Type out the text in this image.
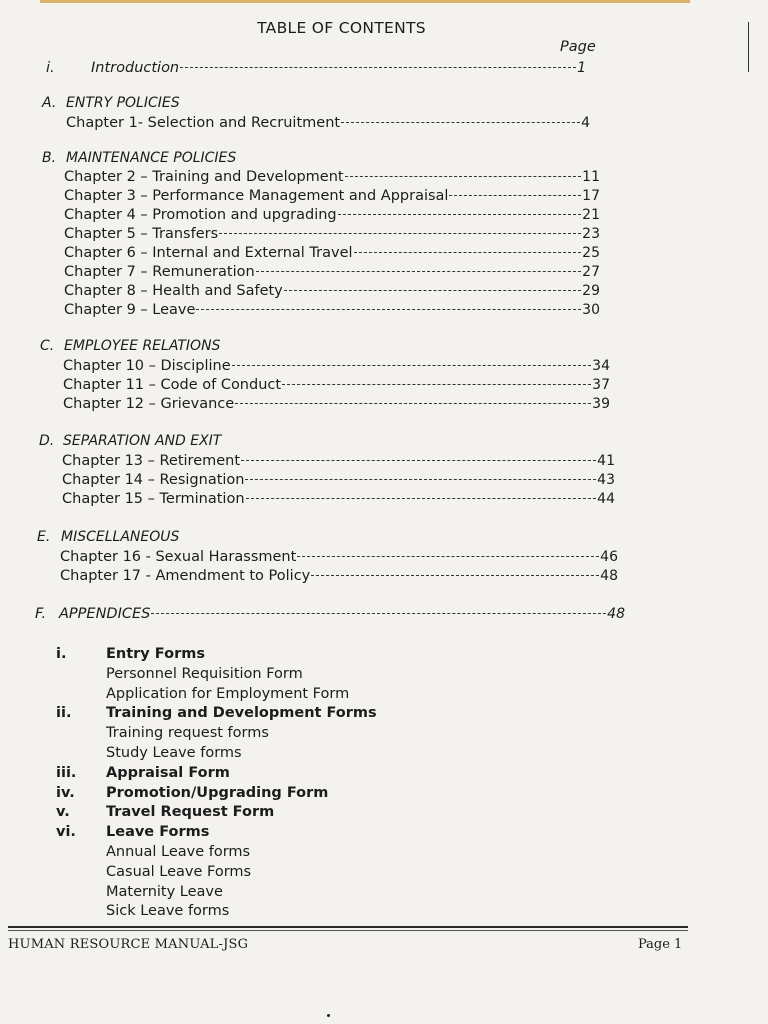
TABLE OF CONTENTS
Page
i.	Introduction	1
A. ENTRY POLICIES
Chapter 1- Selection and Recruitment	4
B. MAINTENANCE POLICIES
Chapter 2 – Training and Development	11
Chapter 3 – Performance Management and Appraisal	17
Chapter 4 – Promotion and upgrading	21
Chapter 5 – Transfers	23
Chapter 6 – Internal and External Travel	25
Chapter 7 – Remuneration	27
Chapter 8 – Health and Safety	29
Chapter 9 – Leave	30
C. EMPLOYEE RELATIONS
Chapter 10 – Discipline	34
Chapter 11 – Code of Conduct	37
Chapter 12 – Grievance	39
D. SEPARATION AND EXIT
Chapter 13 – Retirement	41
Chapter 14 – Resignation	43
Chapter 15 – Termination	44
E. MISCELLANEOUS
Chapter 16 - Sexual Harassment	46
Chapter 17 - Amendment to Policy	48
F. APPENDICES	48
i.	Entry Forms
Personnel Requisition Form
Application for Employment Form
ii. Training and Development Forms
Training request forms
Study Leave forms
iii. Appraisal Form
iv. Promotion/Upgrading Form
v. Travel Request Form
vi. Leave Forms
Annual Leave forms
Casual Leave Forms
Maternity Leave
Sick Leave forms
HUMAN RESOURCE MANUAL-JSG	Page 1
